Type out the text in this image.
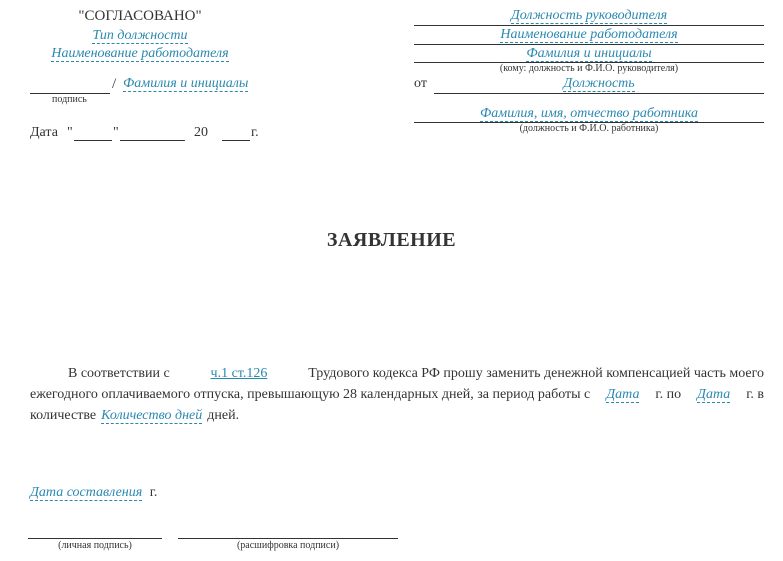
"СОГЛАСОВАНО"
Тип должности
Наименование работодателя
/ Фамилия и инициалы
подпись
Дата "	"	20	г.
Должность руководителя
Наименование работодателя
Фамилия и инициалы
(кому: должность и Ф.И.О. руководителя)
от	Должность
Фамилия, имя, отчество работника
(должность и Ф.И.О. работника)
ЗАЯВЛЕНИЕ
В соответствии с	ч.1 ст.126	Трудового кодекса РФ прошу заменить денежной компенсацией часть моего
ежегодного оплачиваемого отпуска, превышающую 28 календарных дней, за период работы с Дата г. по Дата г. в
количестве Количество дней дней.
Дата составления г.
(личная подпись)	(расшифровка подписи)
